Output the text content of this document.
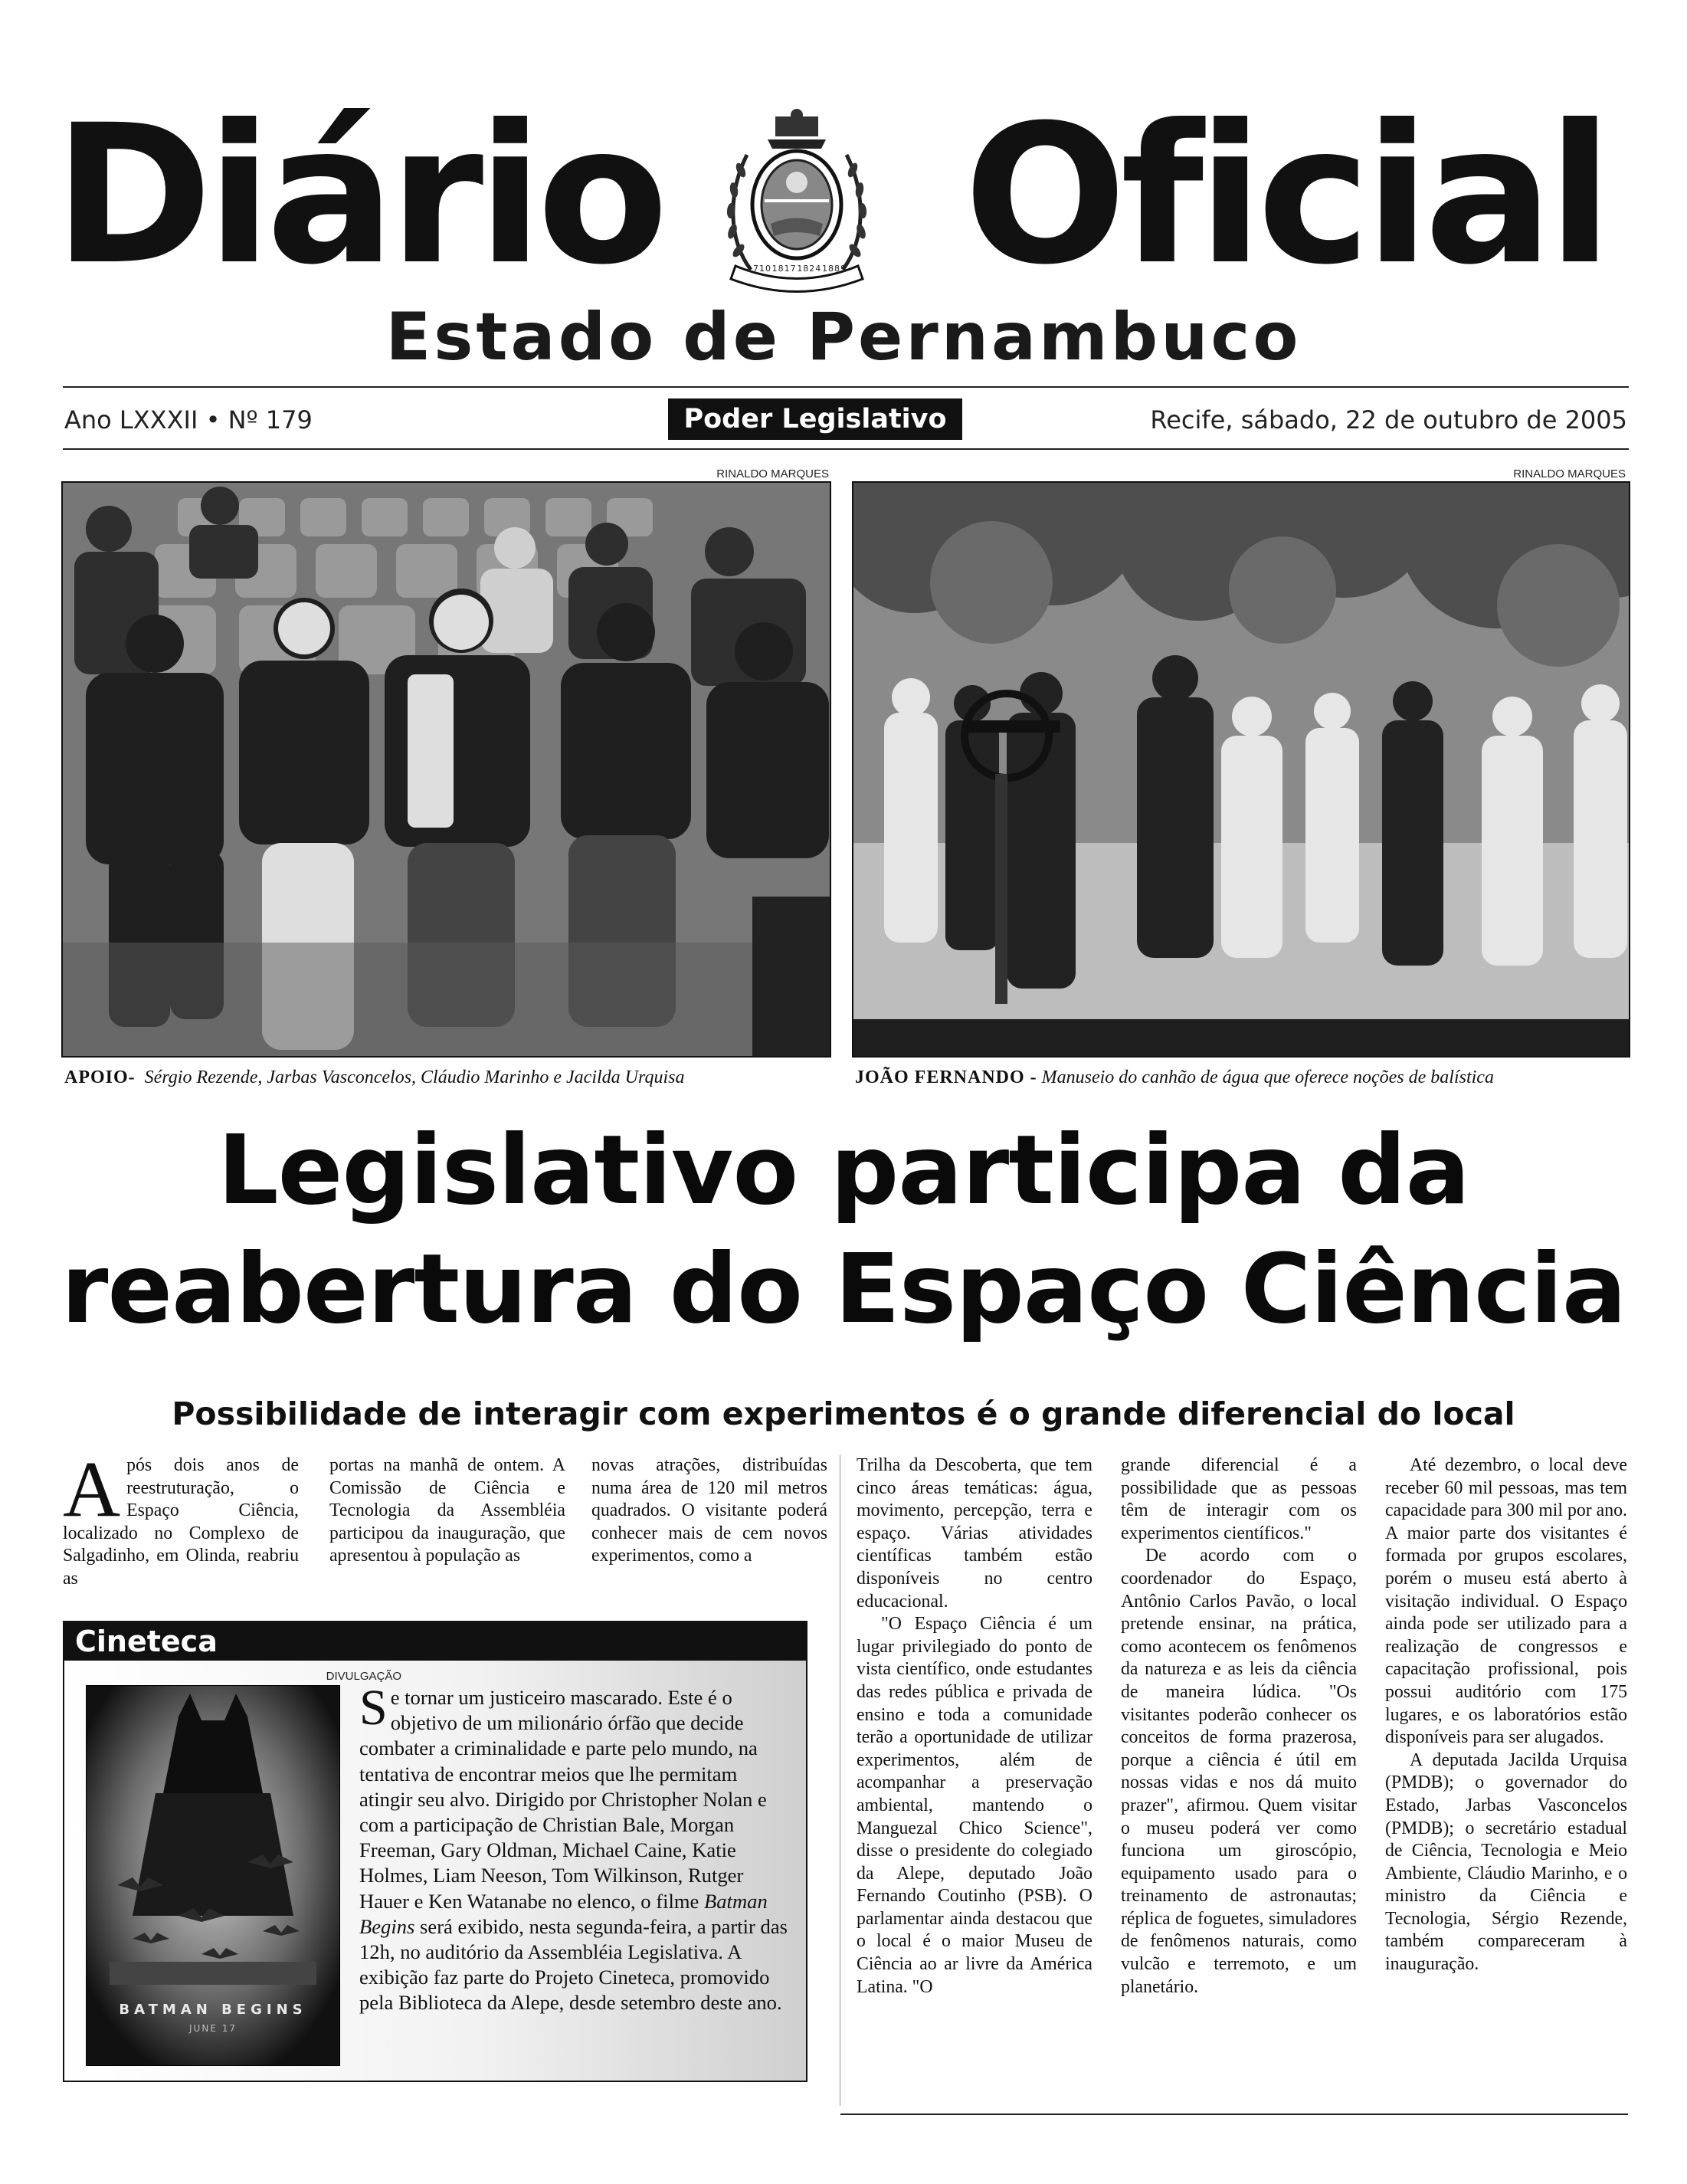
Diário Oficial
1710 1817 1824 1889
Estado de Pernambuco
Ano LXXXII • Nº 179	Poder Legislativo	Recife, sábado, 22 de outubro de 2005
RINALDO MARQUES	RINALDO MARQUES
APOIO- Sérgio Rezende, Jarbas Vasconcelos, Cláudio Marinho e Jacilda Urquisa	JOÃO FERNANDO - Manuseio do canhão de água que oferece noções de balística
Legislativo participa da
reabertura do Espaço Ciência
Possibilidade de interagir com experimentos é o grande diferencial do local

Após dois anos de reestruturação, o Espaço Ciência, localizado no Complexo de Salgadinho, em Olinda, reabriu as

portas na manhã de ontem. A Comissão de Ciência e Tecnologia da Assembléia participou da inauguração, que apresentou à população as

novas atrações, distribuídas numa área de 120 mil metros quadrados. O visitante poderá conhecer mais de cem novos experimentos, como a

Trilha da Descoberta, que tem cinco áreas temáticas: água, movimento, percepção, terra e espaço. Várias atividades científicas também estão disponíveis no centro educacional.

"O Espaço Ciência é um lugar privilegiado do ponto de vista científico, onde estudantes das redes pública e privada de ensino e toda a comunidade terão a oportunidade de utilizar experimentos, além de acompanhar a preservação ambiental, mantendo o Manguezal Chico Science", disse o presidente do colegiado da Alepe, deputado João Fernando Coutinho (PSB). O parlamentar ainda destacou que o local é o maior Museu de Ciência ao ar livre da América Latina. "O

grande diferencial é a possibilidade que as pessoas têm de interagir com os experimentos científicos."

De acordo com o coordenador do Espaço, Antônio Carlos Pavão, o local pretende ensinar, na prática, como acontecem os fenômenos da natureza e as leis da ciência de maneira lúdica. "Os visitantes poderão conhecer os conceitos de forma prazerosa, porque a ciência é útil em nossas vidas e nos dá muito prazer", afirmou. Quem visitar o museu poderá ver como funciona um giroscópio, equipamento usado para o treinamento de astronautas; réplica de foguetes, simuladores de fenômenos naturais, como vulcão e terremoto, e um planetário.

Até dezembro, o local deve receber 60 mil pessoas, mas tem capacidade para 300 mil por ano. A maior parte dos visitantes é formada por grupos escolares, porém o museu está aberto à visitação individual. O Espaço ainda pode ser utilizado para a realização de congressos e capacitação profissional, pois possui auditório com 175 lugares, e os laboratórios estão disponíveis para ser alugados.

A deputada Jacilda Urquisa (PMDB); o governador do Estado, Jarbas Vasconcelos (PMDB); o secretário estadual de Ciência, Tecnologia e Meio Ambiente, Cláudio Marinho, e o ministro da Ciência e Tecnologia, Sérgio Rezende, também compareceram à inauguração.

Cineteca
DIVULGAÇÃO
BATMAN BEGINS
JUNE 17
Se tornar um justiceiro mascarado. Este é o objetivo de um milionário órfão que decide combater a criminalidade e parte pelo mundo, na tentativa de encontrar meios que lhe permitam atingir seu alvo. Dirigido por Christopher Nolan e com a participação de Christian Bale, Morgan Freeman, Gary Oldman, Michael Caine, Katie Holmes, Liam Neeson, Tom Wilkinson, Rutger Hauer e Ken Watanabe no elenco, o filme Batman Begins será exibido, nesta segunda-feira, a partir das 12h, no auditório da Assembléia Legislativa. A exibição faz parte do Projeto Cineteca, promovido pela Biblioteca da Alepe, desde setembro deste ano.
